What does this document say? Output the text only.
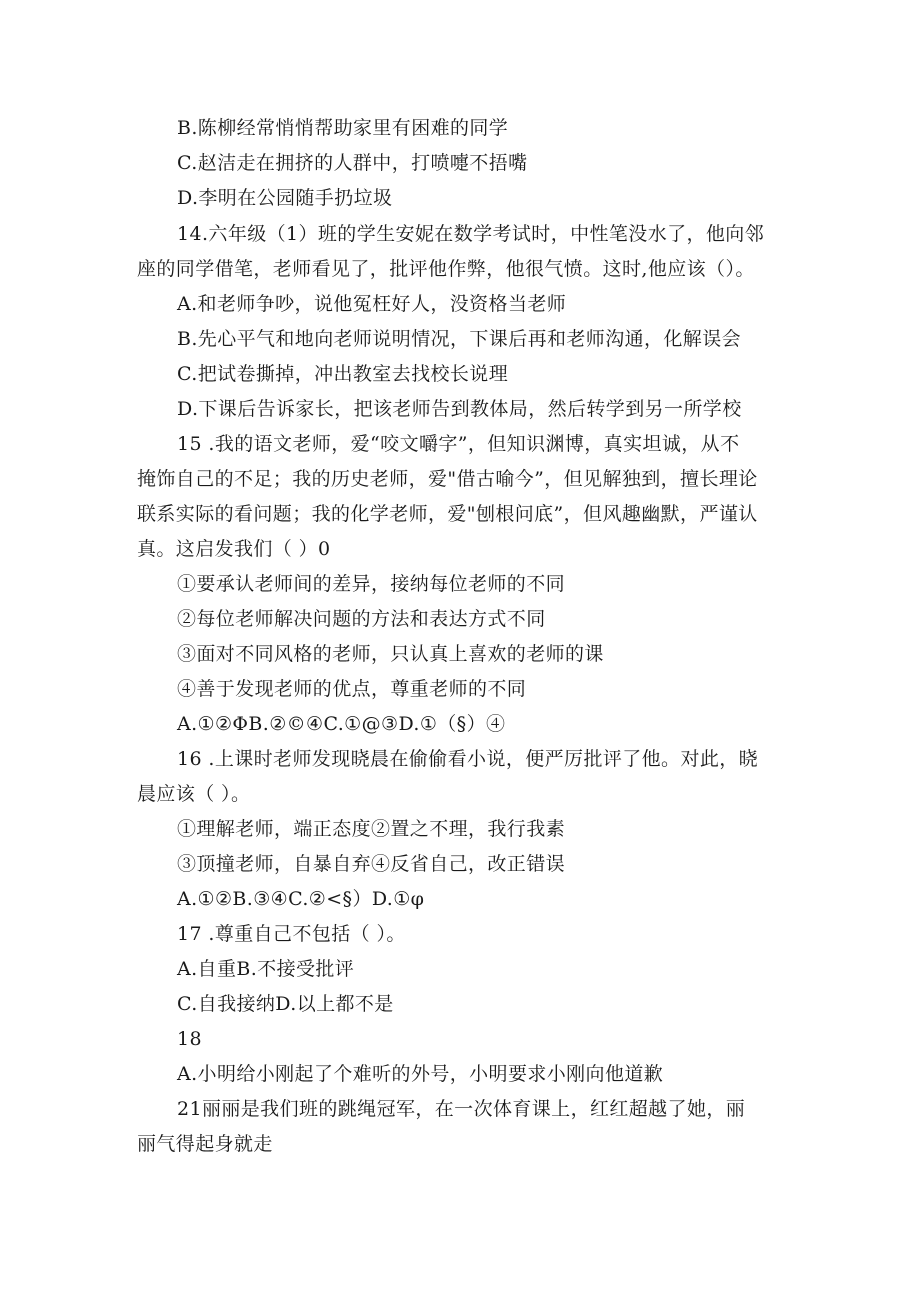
B.陈柳经常悄悄帮助家里有困难的同学
C.赵洁走在拥挤的人群中，打喷嚏不捂嘴
D.李明在公园随手扔垃圾
14.六年级（1）班的学生安妮在数学考试时，中性笔没水了，他向邻
座的同学借笔，老师看见了，批评他作弊，他很气愤。这时,他应该（）。
A.和老师争吵，说他冤枉好人，没资格当老师
B.先心平气和地向老师说明情况，下课后再和老师沟通，化解误会
C.把试卷撕掉，冲出教室去找校长说理
D.下课后告诉家长，把该老师告到教体局，然后转学到另一所学校
15 .我的语文老师，爱“咬文嚼字”，但知识渊博，真实坦诚，从不
掩饰自己的不足；我的历史老师，爱"借古喻今”，但见解独到，擅长理论
联系实际的看问题；我的化学老师，爱"刨根问底”，但风趣幽默，严谨认
真。这启发我们（ ）0
①要承认老师间的差异，接纳每位老师的不同
②每位老师解决问题的方法和表达方式不同
③面对不同风格的老师，只认真上喜欢的老师的课
④善于发现老师的优点，尊重老师的不同
A.①②ΦB.②©④C.①@③D.①（§）④
16 .上课时老师发现晓晨在偷偷看小说，便严厉批评了他。对此，晓
晨应该（ ）。
①理解老师，端正态度②置之不理，我行我素
③顶撞老师，自暴自弃④反省自己，改正错误
A.①②B.③④C.②<§）D.①φ
17 .尊重自己不包括（ ）。
A.自重B.不接受批评
C.自我接纳D.以上都不是
18
A.小明给小刚起了个难听的外号，小明要求小刚向他道歉
21丽丽是我们班的跳绳冠军，在一次体育课上，红红超越了她，丽
丽气得起身就走
